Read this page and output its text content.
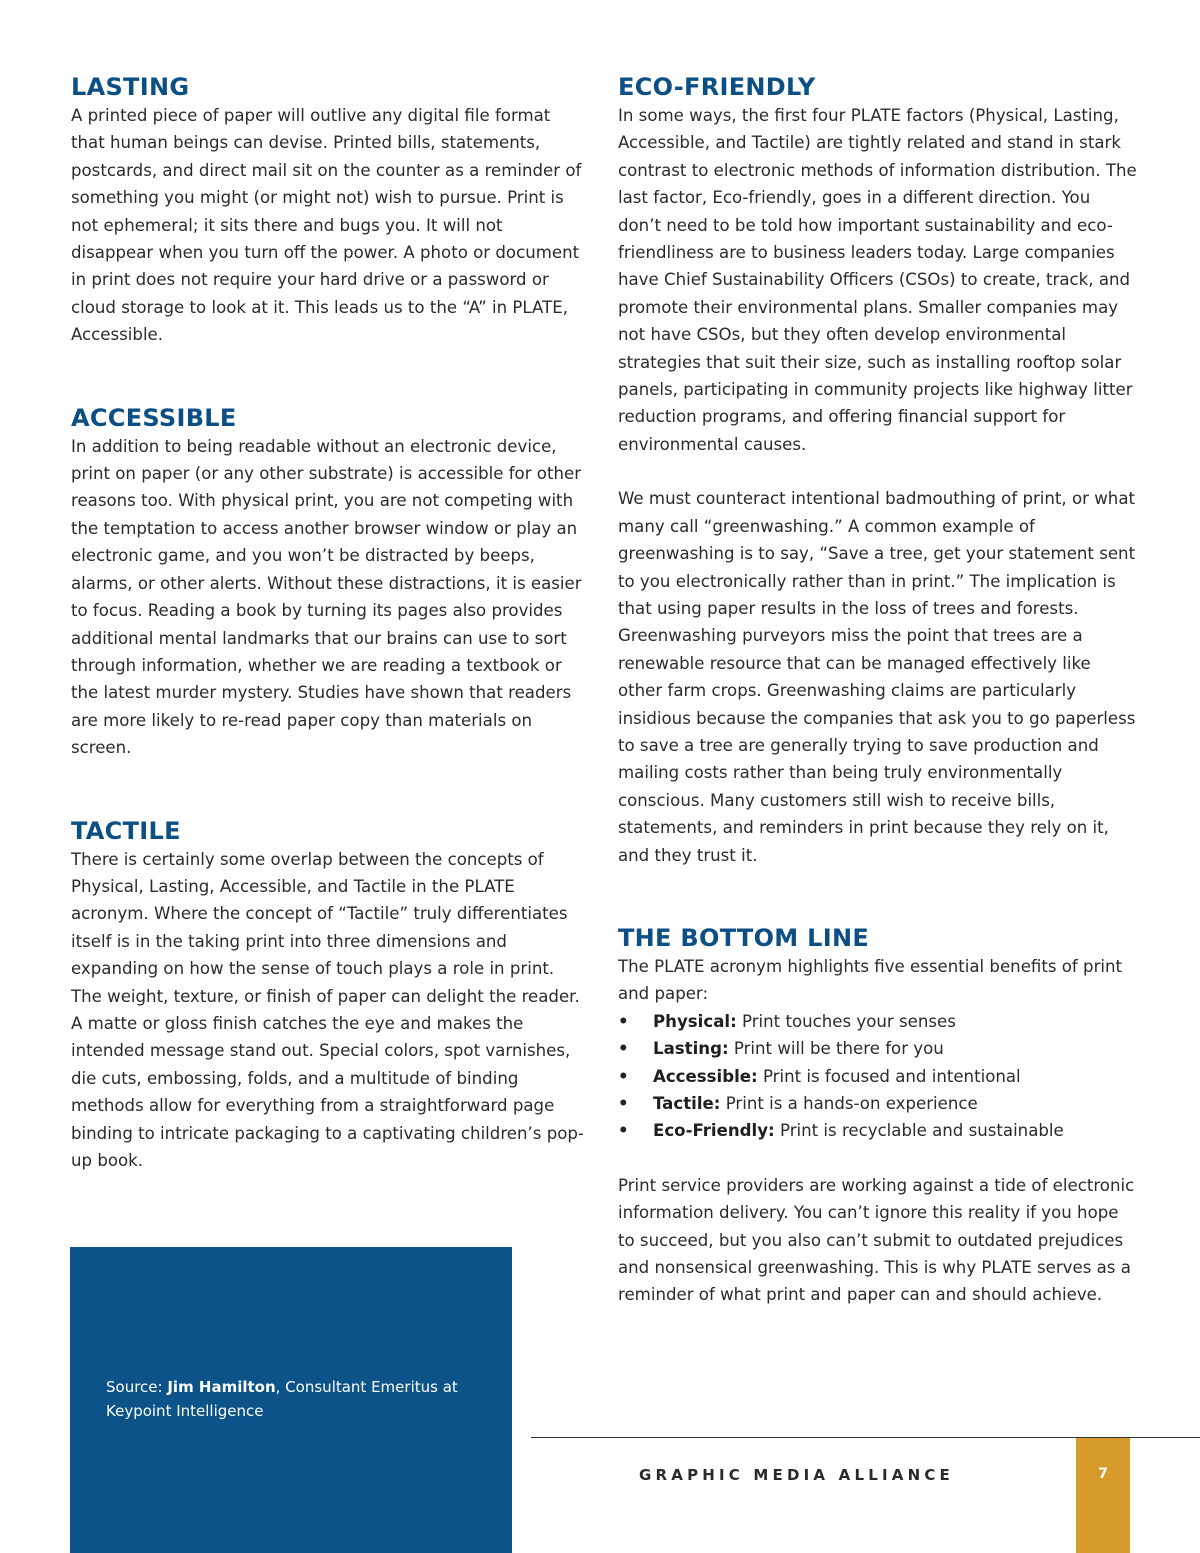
LASTING

A printed piece of paper will outlive any digital file format that human beings can devise. Printed bills, statements, postcards, and direct mail sit on the counter as a reminder of something you might (or might not) wish to pursue. Print is not ephemeral; it sits there and bugs you. It will not disappear when you turn off the power. A photo or document in print does not require your hard drive or a password or cloud storage to look at it. This leads us to the “A” in PLATE, Accessible.

ACCESSIBLE

In addition to being readable without an electronic device, print on paper (or any other substrate) is accessible for other reasons too. With physical print, you are not competing with the temptation to access another browser window or play an electronic game, and you won’t be distracted by beeps, alarms, or other alerts. Without these distractions, it is easier to focus. Reading a book by turning its pages also provides additional mental landmarks that our brains can use to sort through information, whether we are reading a textbook or the latest murder mystery. Studies have shown that readers are more likely to re-read paper copy than materials on screen.

TACTILE

There is certainly some overlap between the concepts of Physical, Lasting, Accessible, and Tactile in the PLATE acronym. Where the concept of “Tactile” truly differentiates itself is in the taking print into three dimensions and expanding on how the sense of touch plays a role in print. The weight, texture, or finish of paper can delight the reader. A matte or gloss finish catches the eye and makes the intended message stand out. Special colors, spot varnishes, die cuts, embossing, folds, and a multitude of binding methods allow for everything from a straightforward page binding to intricate packaging to a captivating children’s pop-up book.

ECO-FRIENDLY

In some ways, the first four PLATE factors (Physical, Lasting, Accessible, and Tactile) are tightly related and stand in stark contrast to electronic methods of information distribution. The last factor, Eco-friendly, goes in a different direction. You don’t need to be told how important sustainability and eco-friendliness are to business leaders today. Large companies have Chief Sustainability Officers (CSOs) to create, track, and promote their environmental plans. Smaller companies may not have CSOs, but they often develop environmental strategies that suit their size, such as installing rooftop solar panels, participating in community projects like highway litter reduction programs, and offering financial support for environmental causes.

We must counteract intentional badmouthing of print, or what many call “greenwashing.” A common example of greenwashing is to say, “Save a tree, get your statement sent to you electronically rather than in print.” The implication is that using paper results in the loss of trees and forests. Greenwashing purveyors miss the point that trees are a renewable resource that can be managed effectively like other farm crops. Greenwashing claims are particularly insidious because the companies that ask you to go paperless to save a tree are generally trying to save production and mailing costs rather than being truly environmentally conscious. Many customers still wish to receive bills, statements, and reminders in print because they rely on it, and they trust it.

THE BOTTOM LINE

The PLATE acronym highlights five essential benefits of print and paper:

• Physical: Print touches your senses
• Lasting: Print will be there for you
• Accessible: Print is focused and intentional
• Tactile: Print is a hands-on experience
• Eco-Friendly: Print is recyclable and sustainable

Print service providers are working against a tide of electronic information delivery. You can’t ignore this reality if you hope to succeed, but you also can’t submit to outdated prejudices and nonsensical greenwashing. This is why PLATE serves as a reminder of what print and paper can and should achieve.

Source: Jim Hamilton, Consultant Emeritus at Keypoint Intelligence
GRAPHIC MEDIA ALLIANCE	7
